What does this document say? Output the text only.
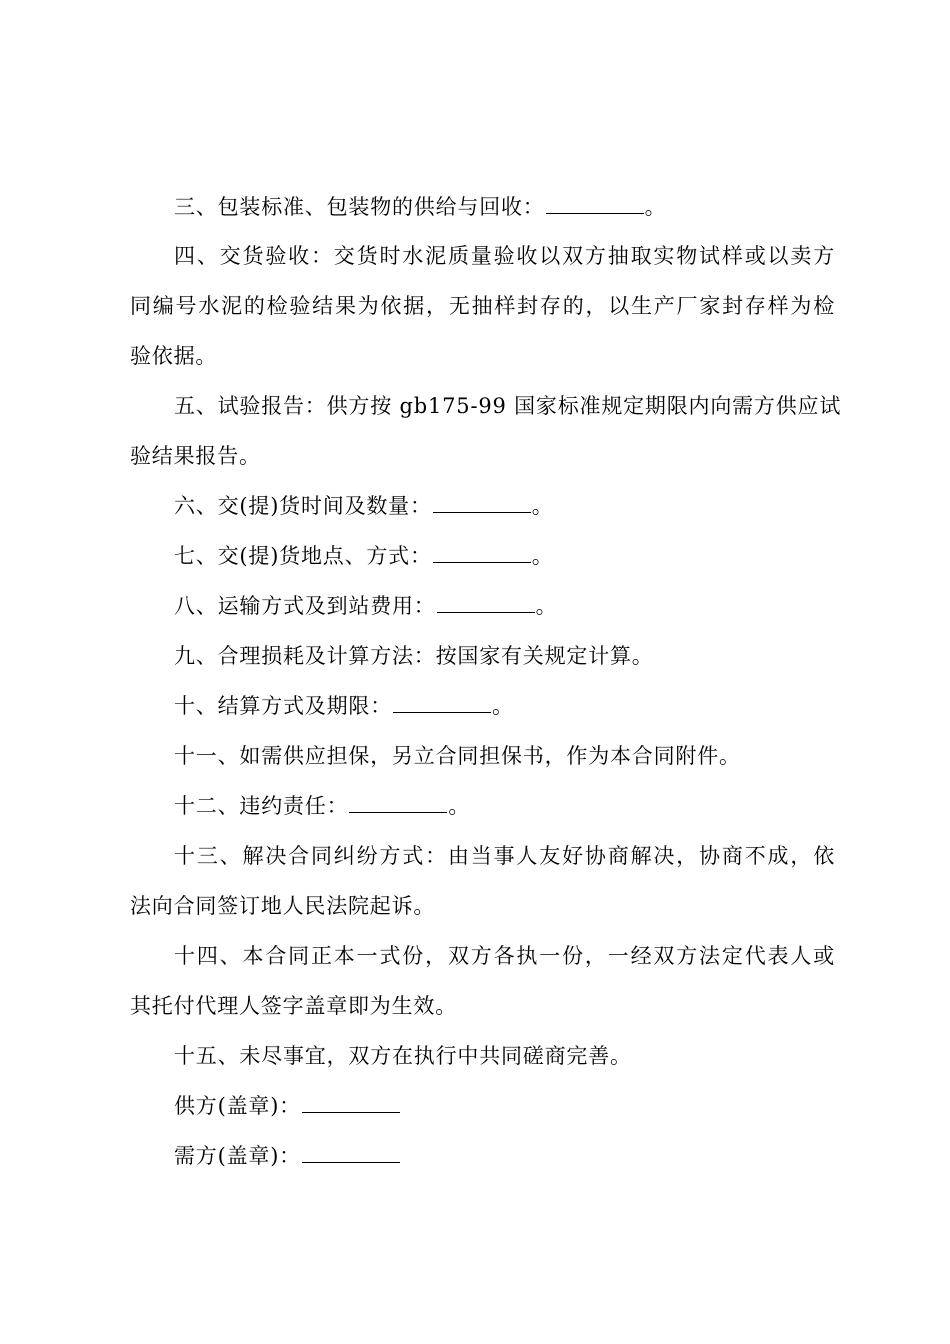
三、包装标准、包装物的供给与回收：	。
四、交货验收：交货时水泥质量验收以双方抽取实物试样或以卖方
同编号水泥的检验结果为依据，无抽样封存的，以生产厂家封存样为检
验依据。
五、试验报告：供方按 gb175-99 国家标准规定期限内向需方供应试
验结果报告。
六、交(提)货时间及数量：	。
七、交(提)货地点、方式：	。
八、运输方式及到站费用：	。
九、合理损耗及计算方法：按国家有关规定计算。
十、结算方式及期限：	。
十一、如需供应担保，另立合同担保书，作为本合同附件。
十二、违约责任：	。
十三、解决合同纠纷方式：由当事人友好协商解决，协商不成，依
法向合同签订地人民法院起诉。
十四、本合同正本一式份，双方各执一份，一经双方法定代表人或
其托付代理人签字盖章即为生效。
十五、未尽事宜，双方在执行中共同磋商完善。
供方(盖章)：
需方(盖章)：
